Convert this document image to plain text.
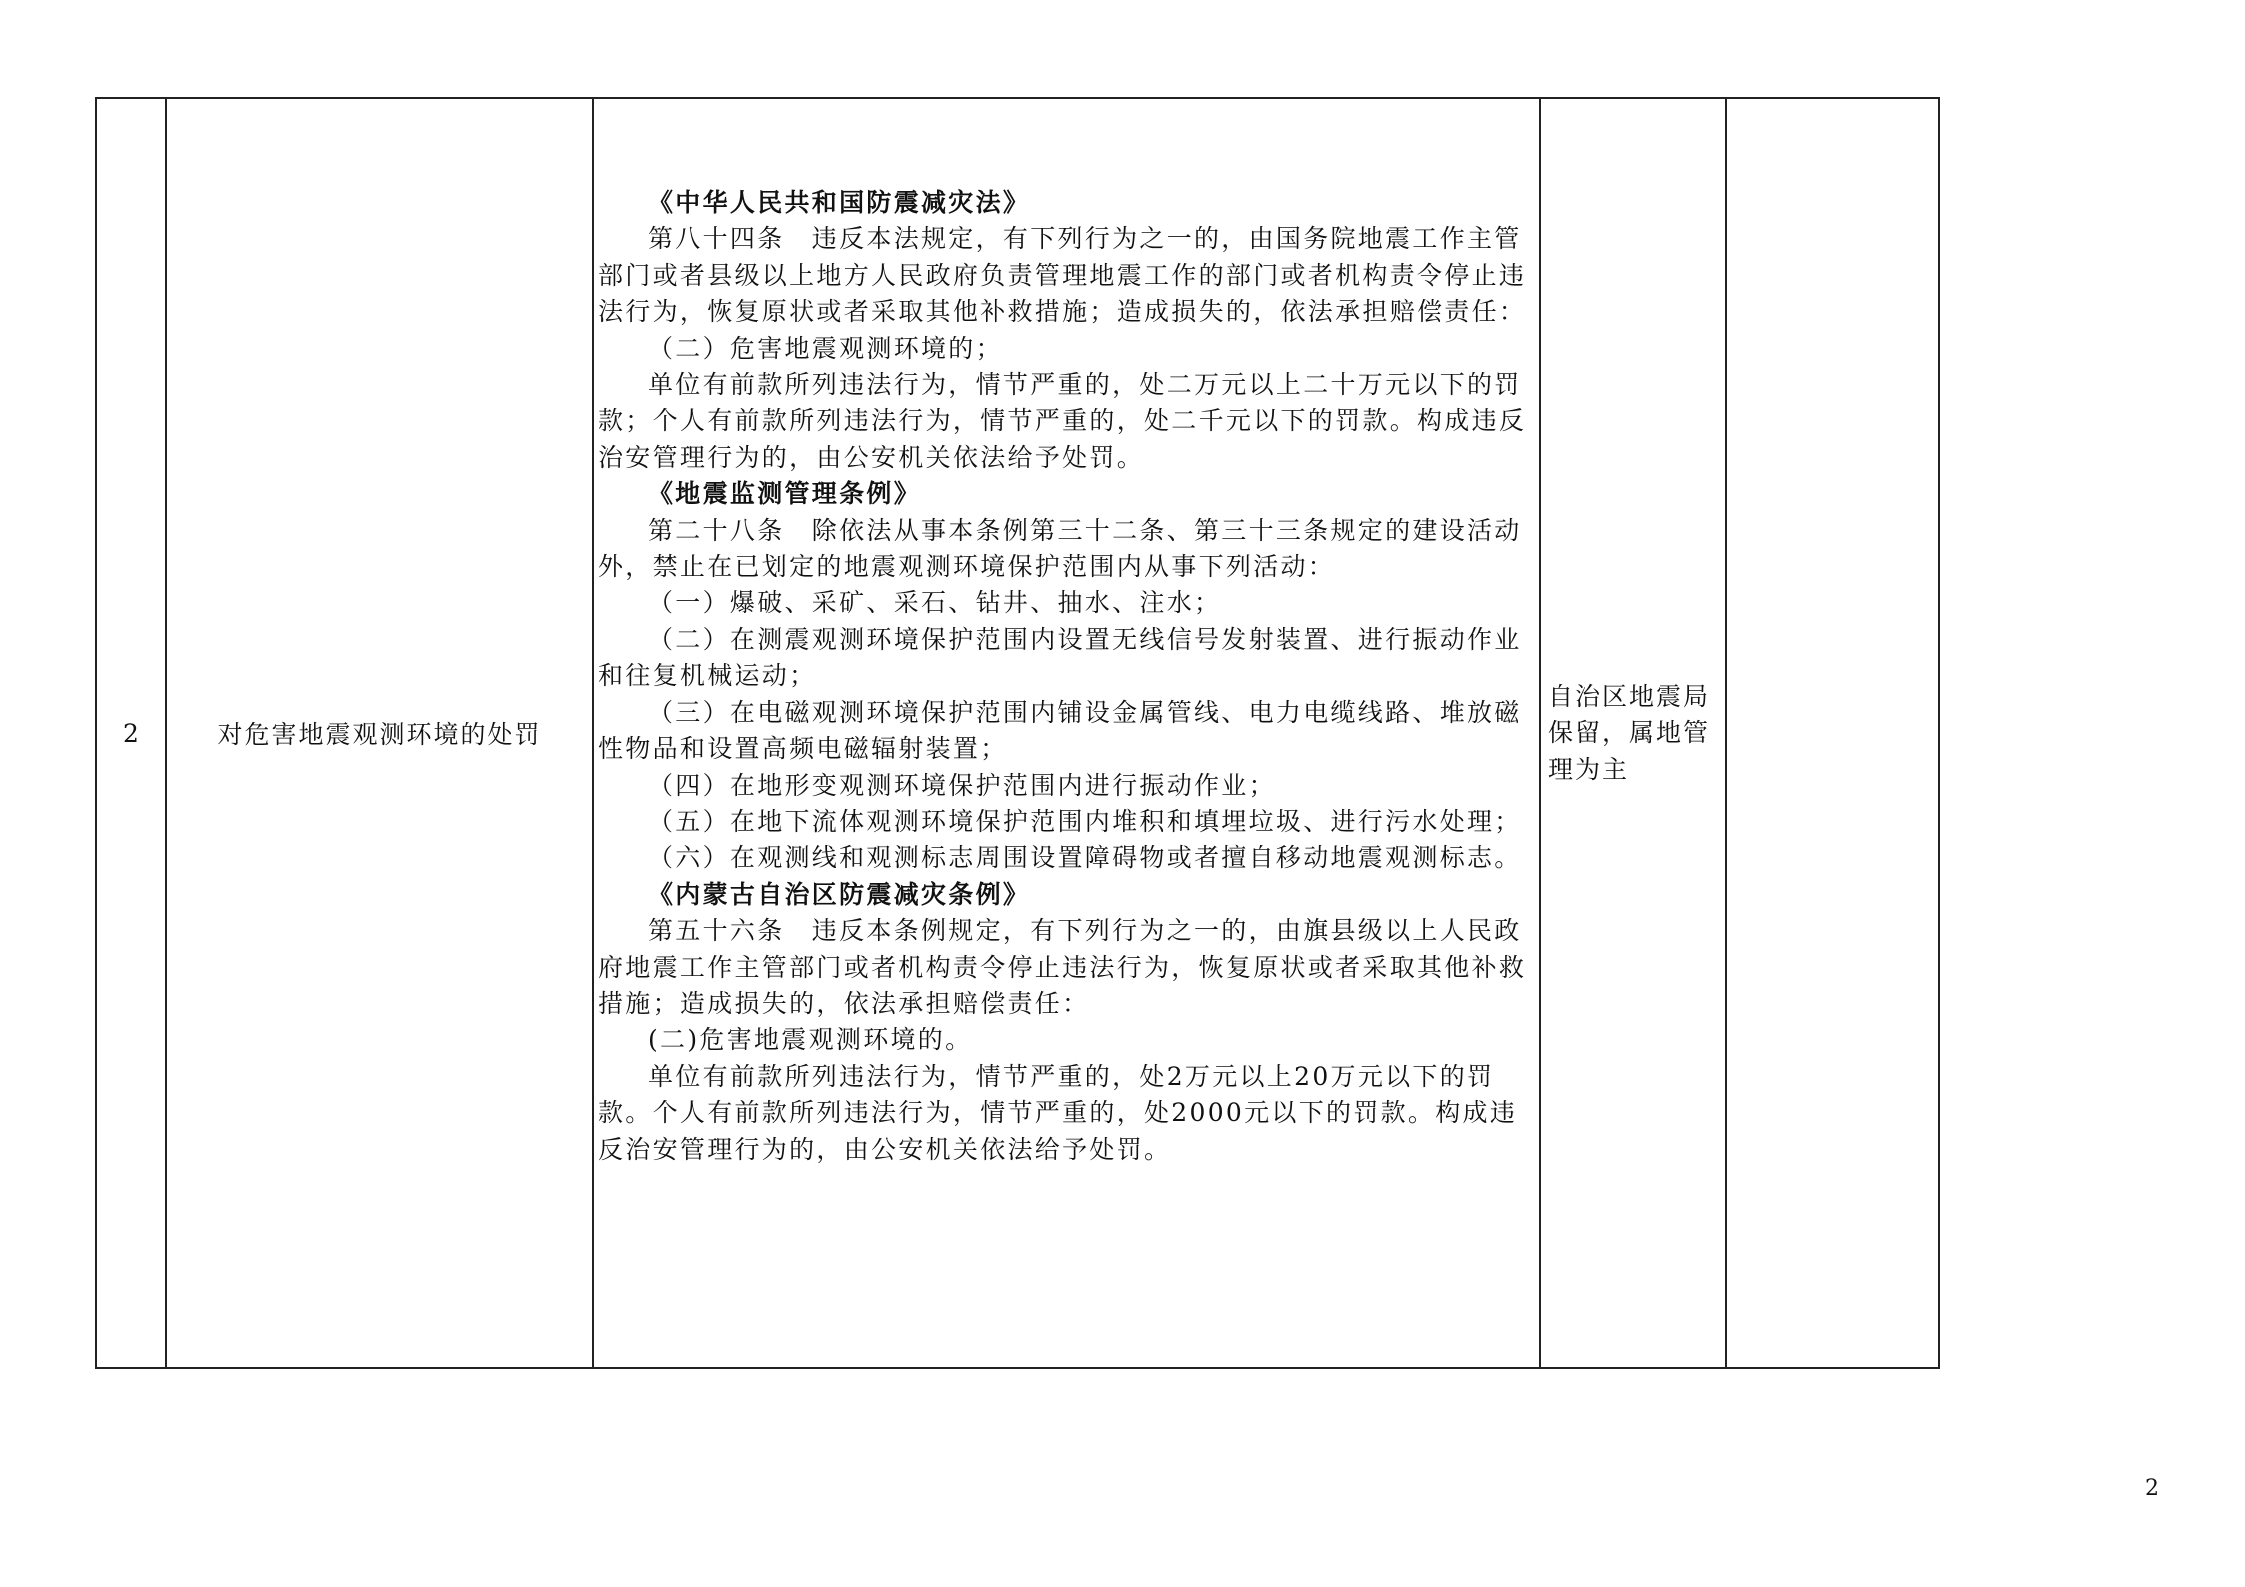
2	对危害地震观测环境的处罚
《中华人民共和国防震减灾法》
第八十四条　违反本法规定，有下列行为之一的，由国务院地震工作主管部门或者县级以上地方人民政府负责管理地震工作的部门或者机构责令停止违法行为，恢复原状或者采取其他补救措施；造成损失的，依法承担赔偿责任：
（二）危害地震观测环境的；
单位有前款所列违法行为，情节严重的，处二万元以上二十万元以下的罚款；个人有前款所列违法行为，情节严重的，处二千元以下的罚款。构成违反治安管理行为的，由公安机关依法给予处罚。
《地震监测管理条例》
第二十八条　除依法从事本条例第三十二条、第三十三条规定的建设活动外，禁止在已划定的地震观测环境保护范围内从事下列活动：
（一）爆破、采矿、采石、钻井、抽水、注水；
（二）在测震观测环境保护范围内设置无线信号发射装置、进行振动作业和往复机械运动；
（三）在电磁观测环境保护范围内铺设金属管线、电力电缆线路、堆放磁性物品和设置高频电磁辐射装置；
（四）在地形变观测环境保护范围内进行振动作业；
（五）在地下流体观测环境保护范围内堆积和填埋垃圾、进行污水处理；
（六）在观测线和观测标志周围设置障碍物或者擅自移动地震观测标志。
《内蒙古自治区防震减灾条例》
第五十六条　违反本条例规定，有下列行为之一的，由旗县级以上人民政府地震工作主管部门或者机构责令停止违法行为，恢复原状或者采取其他补救措施；造成损失的，依法承担赔偿责任：
(二)危害地震观测环境的。
单位有前款所列违法行为，情节严重的，处2万元以上20万元以下的罚款。个人有前款所列违法行为，情节严重的，处2000元以下的罚款。构成违反治安管理行为的，由公安机关依法给予处罚。
自治区地震局保留，属地管理为主
2
